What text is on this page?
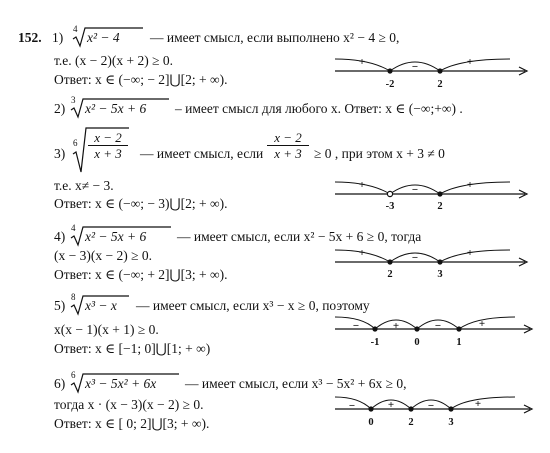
152. 1)
4
x² − 4 — имеет смысл, если выполнено x² − 4 ≥ 0,
т.е. (x − 2)(x + 2) ≥ 0.
Ответ: x ∈ (−∞; − 2]⋃[2; + ∞).
+	−	+
-2	2
2)
3
x² − 5x + 6 – имеет смысл для любого x. Ответ: x ∈ (−∞;+∞) .
3)
$6 \frac{x - 2}{x + 3}$ — имеет смысл, если $\frac{x - 2}{x + 3} \ge 0$ , при этом x + 3 ≠ 0
т.е. x≠ − 3.
Ответ: x ∈ (−∞; − 3)⋃[2; + ∞).
+	−	+
-3	2
4)
4
x² − 5x + 6 — имеет смысл, если x² − 5x + 6 ≥ 0, тогда
(x − 3)(x − 2) ≥ 0.
Ответ: x ∈ (−∞; + 2]⋃[3; + ∞).
+	−	+
2	3
5)
8
x³ − x — имеет смысл, если x³ − x ≥ 0, поэтому
x(x − 1)(x + 1) ≥ 0.
Ответ: x ∈ [−1; 0]⋃[1; + ∞)
−	+	−	+
-1	0	1
6)
6
x³ − 5x² + 6x — имеет смысл, если x³ − 5x² + 6x ≥ 0,
тогда x · (x − 3)(x − 2) ≥ 0.
Ответ: x ∈ [ 0; 2]⋃[3; + ∞).
−	+	−	+
0	2	3
